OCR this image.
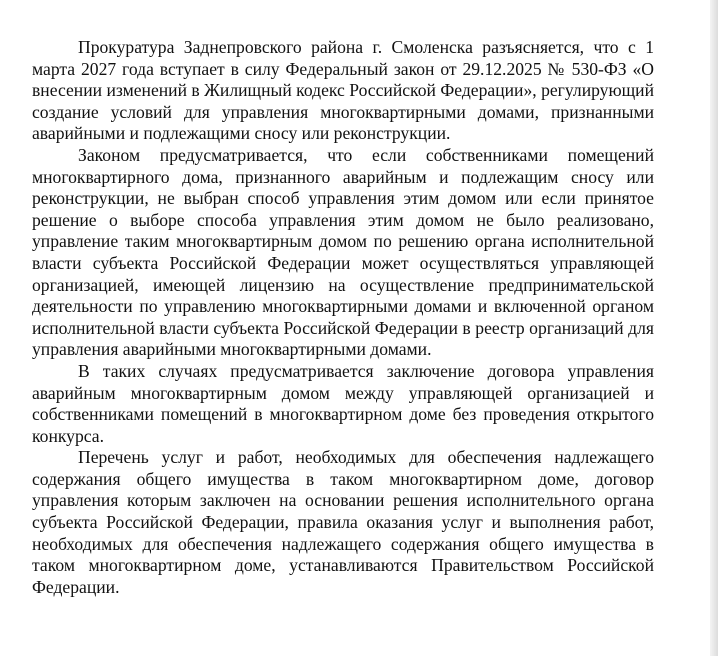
Прокуратура Заднепровского района г. Смоленска разъясняется, что с 1 марта 2027 года вступает в силу Федеральный закон от 29.12.2025 № 530-ФЗ «О внесении изменений в Жилищный кодекс Российской Федерации», регулирующий создание условий для управления многоквартирными домами, признанными аварийными и подлежащими сносу или реконструкции.

Законом предусматривается, что если собственниками помещений многоквартирного дома, признанного аварийным и подлежащим сносу или реконструкции, не выбран способ управления этим домом или если принятое решение о выборе способа управления этим домом не было реализовано, управление таким многоквартирным домом по решению органа исполнительной власти субъекта Российской Федерации может осуществляться управляющей организацией, имеющей лицензию на осуществление предпринимательской деятельности по управлению многоквартирными домами и включенной органом исполнительной власти субъекта Российской Федерации в реестр организаций для управления аварийными многоквартирными домами.

В таких случаях предусматривается заключение договора управления аварийным многоквартирным домом между управляющей организацией и собственниками помещений в многоквартирном доме без проведения открытого конкурса.

Перечень услуг и работ, необходимых для обеспечения надлежащего содержания общего имущества в таком многоквартирном доме, договор управления которым заключен на основании решения исполнительного органа субъекта Российской Федерации, правила оказания услуг и выполнения работ, необходимых для обеспечения надлежащего содержания общего имущества в таком многоквартирном доме, устанавливаются Правительством Российской Федерации.
